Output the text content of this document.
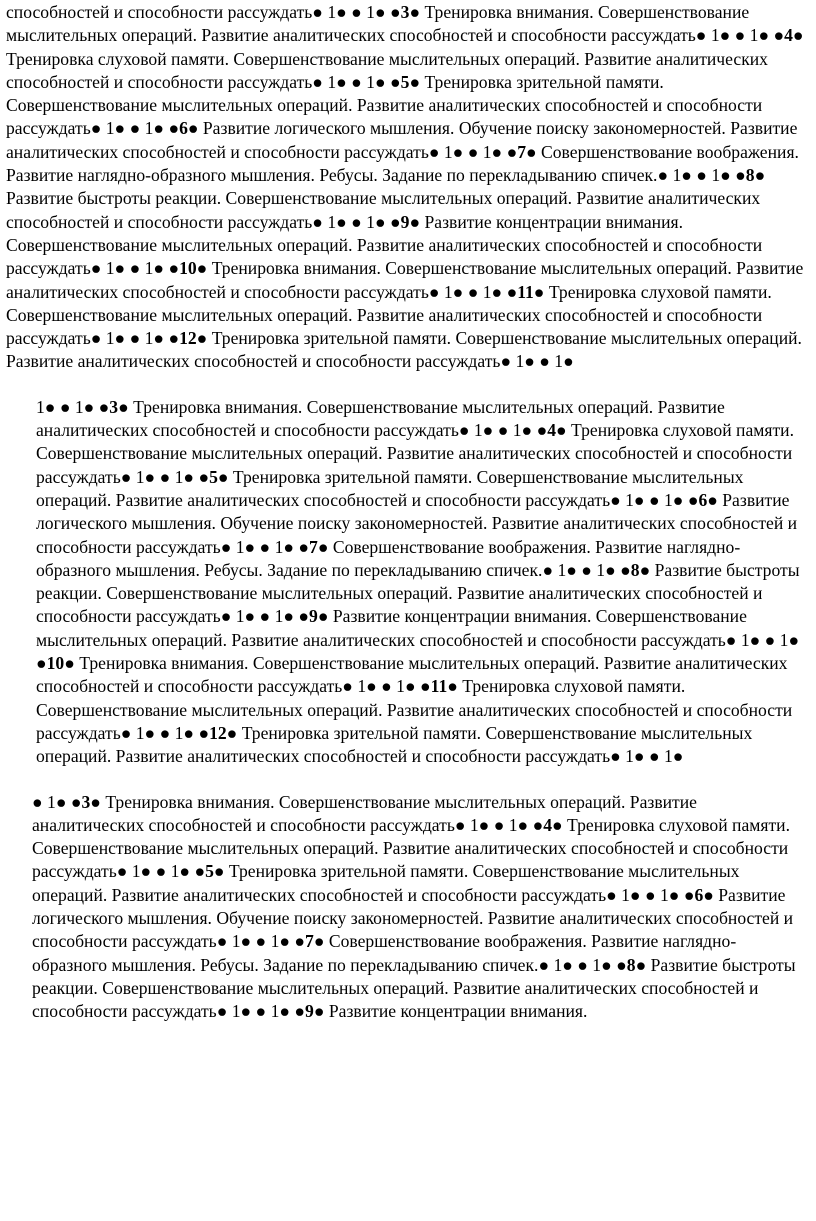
способностей и способности рассуждать● 1● ● 1● ●3● Тренировка внимания. Совершенствование мыслительных операций. Развитие аналитических способностей и способности рассуждать● 1● ● 1● ●4● Тренировка слуховой памяти. Совершенствование мыслительных операций. Развитие аналитических способностей и способности рассуждать● 1● ● 1● ●5● Тренировка зрительной памяти. Совершенствование мыслительных операций. Развитие аналитических способностей и способности рассуждать● 1● ● 1● ●6● Развитие логического мышления. Обучение поиску закономерностей. Развитие аналитических способностей и способности рассуждать● 1● ● 1● ●7● Совершенствование воображения. Развитие наглядно-образного мышления. Ребусы. Задание по перекладыванию спичек.● 1● ● 1● ●8● Развитие быстроты реакции. Совершенствование мыслительных операций. Развитие аналитических способностей и способности рассуждать● 1● ● 1● ●9● Развитие концентрации внимания. Совершенствование мыслительных операций. Развитие аналитических способностей и способности рассуждать● 1● ● 1● ●10● Тренировка внимания. Совершенствование мыслительных операций. Развитие аналитических способностей и способности рассуждать● 1● ● 1● ●11● Тренировка слуховой памяти. Совершенствование мыслительных операций. Развитие аналитических способностей и способности рассуждать● 1● ● 1● ●12● Тренировка зрительной памяти. Совершенствование мыслительных операций. Развитие аналитических способностей и способности рассуждать● 1● ● 1●

1● ● 1● ●3● Тренировка внимания. Совершенствование мыслительных операций. Развитие аналитических способностей и способности рассуждать● 1● ● 1● ●4● Тренировка слуховой памяти. Совершенствование мыслительных операций. Развитие аналитических способностей и способности рассуждать● 1● ● 1● ●5● Тренировка зрительной памяти. Совершенствование мыслительных операций. Развитие аналитических способностей и способности рассуждать● 1● ● 1● ●6● Развитие логического мышления. Обучение поиску закономерностей. Развитие аналитических способностей и способности рассуждать● 1● ● 1● ●7● Совершенствование воображения. Развитие наглядно-образного мышления. Ребусы. Задание по перекладыванию спичек.● 1● ● 1● ●8● Развитие быстроты реакции. Совершенствование мыслительных операций. Развитие аналитических способностей и способности рассуждать● 1● ● 1● ●9● Развитие концентрации внимания. Совершенствование мыслительных операций. Развитие аналитических способностей и способности рассуждать● 1● ● 1● ●10● Тренировка внимания. Совершенствование мыслительных операций. Развитие аналитических способностей и способности рассуждать● 1● ● 1● ●11● Тренировка слуховой памяти. Совершенствование мыслительных операций. Развитие аналитических способностей и способности рассуждать● 1● ● 1● ●12● Тренировка зрительной памяти. Совершенствование мыслительных операций. Развитие аналитических способностей и способности рассуждать● 1● ● 1●

● 1● ●3● Тренировка внимания. Совершенствование мыслительных операций. Развитие аналитических способностей и способности рассуждать● 1● ● 1● ●4● Тренировка слуховой памяти. Совершенствование мыслительных операций. Развитие аналитических способностей и способности рассуждать● 1● ● 1● ●5● Тренировка зрительной памяти. Совершенствование мыслительных операций. Развитие аналитических способностей и способности рассуждать● 1● ● 1● ●6● Развитие логического мышления. Обучение поиску закономерностей. Развитие аналитических способностей и способности рассуждать● 1● ● 1● ●7● Совершенствование воображения. Развитие наглядно-образного мышления. Ребусы. Задание по перекладыванию спичек.● 1● ● 1● ●8● Развитие быстроты реакции. Совершенствование мыслительных операций. Развитие аналитических способностей и способности рассуждать● 1● ● 1● ●9● Развитие концентрации внимания.
